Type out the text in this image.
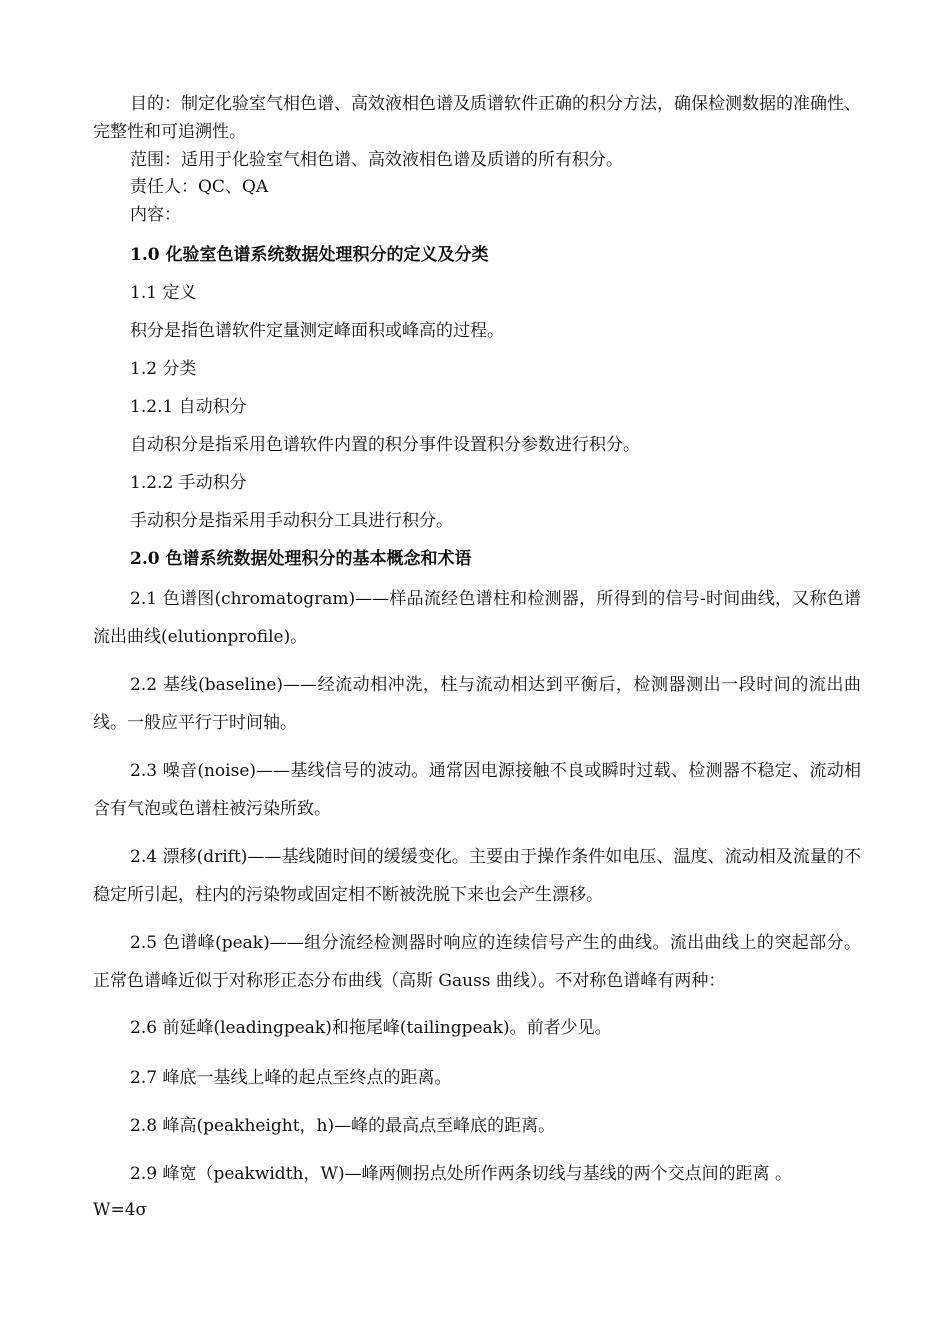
目的：制定化验室气相色谱、高效液相色谱及质谱软件正确的积分方法，确保检测数据的准确性、完整性和可追溯性。
范围：适用于化验室气相色谱、高效液相色谱及质谱的所有积分。
责任人：QC、QA
内容：
1.0 化验室色谱系统数据处理积分的定义及分类
1.1 定义
积分是指色谱软件定量测定峰面积或峰高的过程。
1.2 分类
1.2.1 自动积分
自动积分是指采用色谱软件内置的积分事件设置积分参数进行积分。
1.2.2 手动积分
手动积分是指采用手动积分工具进行积分。
2.0 色谱系统数据处理积分的基本概念和术语
2.1 色谱图(chromatogram)——样品流经色谱柱和检测器，所得到的信号-时间曲线，又称色谱流出曲线(elutionprofile)。
2.2 基线(baseline)——经流动相冲洗，柱与流动相达到平衡后，检测器测出一段时间的流出曲线。一般应平行于时间轴。
2.3 噪音(noise)——基线信号的波动。通常因电源接触不良或瞬时过载、检测器不稳定、流动相含有气泡或色谱柱被污染所致。
2.4 漂移(drift)——基线随时间的缓缓变化。主要由于操作条件如电压、温度、流动相及流量的不稳定所引起，柱内的污染物或固定相不断被洗脱下来也会产生漂移。
2.5 色谱峰(peak)——组分流经检测器时响应的连续信号产生的曲线。流出曲线上的突起部分。正常色谱峰近似于对称形正态分布曲线（高斯 Gauss 曲线）。不对称色谱峰有两种：
2.6 前延峰(leadingpeak)和拖尾峰(tailingpeak)。前者少见。
2.7 峰底一基线上峰的起点至终点的距离。
2.8 峰高(peakheight，h)—峰的最高点至峰底的距离。
2.9 峰宽（peakwidth，W)—峰两侧拐点处所作两条切线与基线的两个交点间的距离 。
W=4σ
